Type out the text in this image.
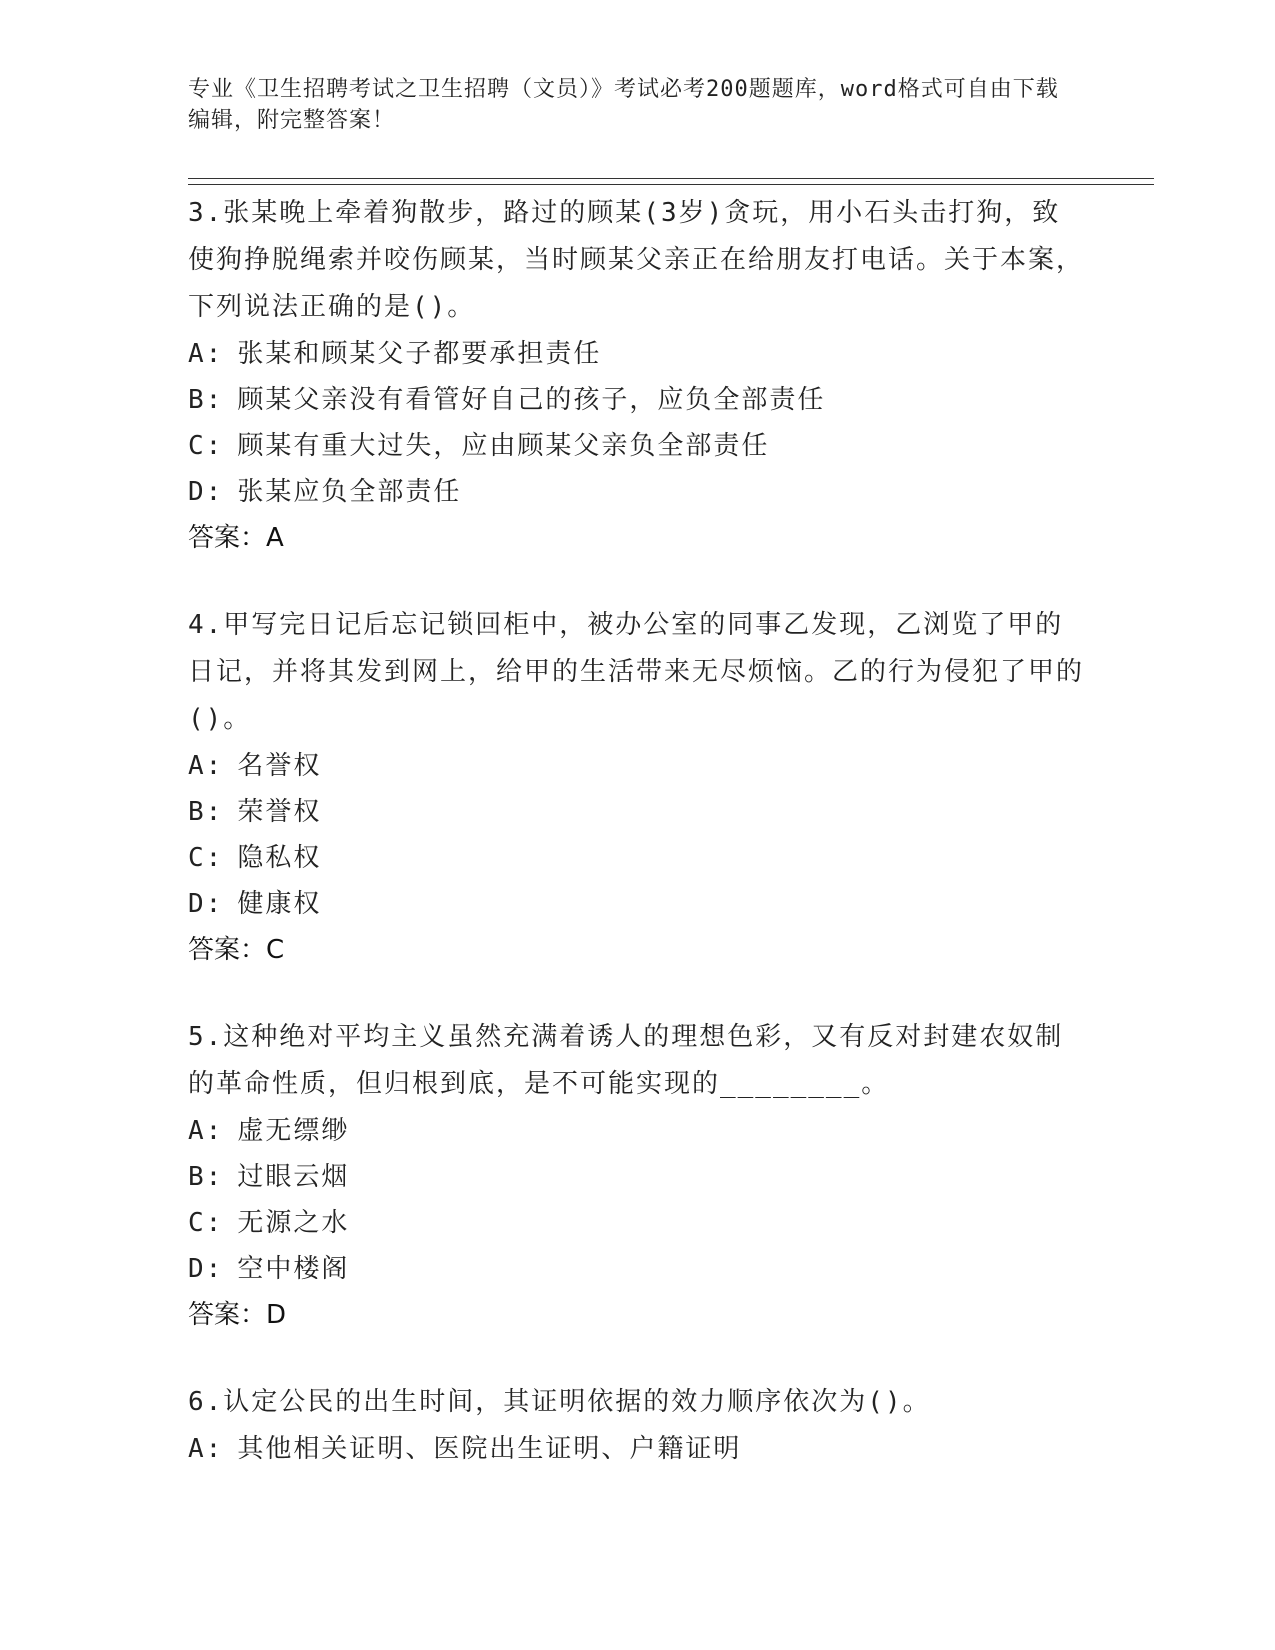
专业《卫生招聘考试之卫生招聘（文员）》考试必考200题题库，word格式可自由下载编辑，附完整答案！

3.张某晚上牵着狗散步，路过的顾某(3岁)贪玩，用小石头击打狗，致使狗挣脱绳索并咬伤顾某，当时顾某父亲正在给朋友打电话。关于本案，下列说法正确的是()。

A: 张某和顾某父子都要承担责任

B: 顾某父亲没有看管好自己的孩子，应负全部责任

C: 顾某有重大过失，应由顾某父亲负全部责任

D: 张某应负全部责任

答案：A

4.甲写完日记后忘记锁回柜中，被办公室的同事乙发现，乙浏览了甲的日记，并将其发到网上，给甲的生活带来无尽烦恼。乙的行为侵犯了甲的()。

A: 名誉权

B: 荣誉权

C: 隐私权

D: 健康权

答案：C

5.这种绝对平均主义虽然充满着诱人的理想色彩，又有反对封建农奴制的革命性质，但归根到底，是不可能实现的________。

A: 虚无缥缈

B: 过眼云烟

C: 无源之水

D: 空中楼阁

答案：D

6.认定公民的出生时间，其证明依据的效力顺序依次为()。

A: 其他相关证明、医院出生证明、户籍证明
